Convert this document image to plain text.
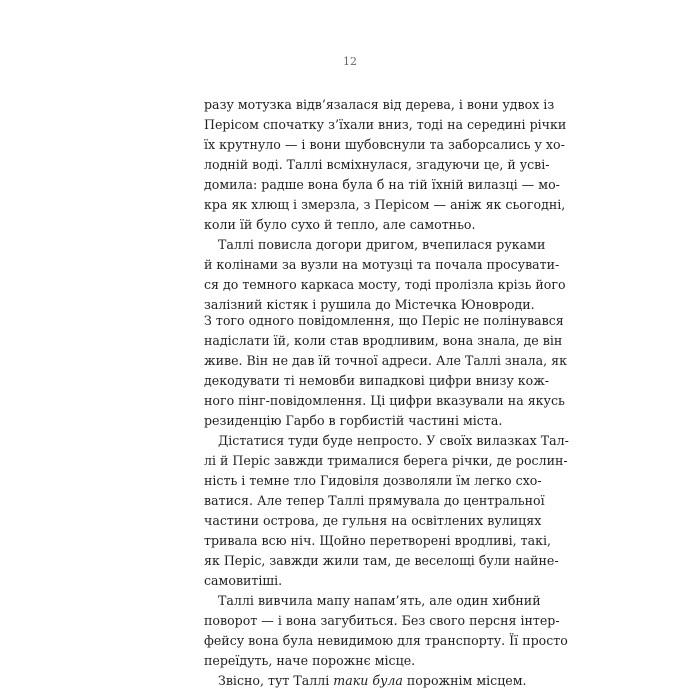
12
разу мотузка відв’язалася від дерева, і вони удвох із
Перісом спочатку з’їхали вниз, тоді на середині річки
їх крутнуло — і вони шубовснули та заборсались у хо-
лодній воді. Таллі всміхнулася, згадуючи це, й усві-
домила: радше вона була б на тій їхній вилазці — мо-
кра як хлющ і змерзла, з Перісом — аніж як сьогодні,
коли їй було сухо й тепло, але самотньо.
Таллі повисла догори дригом, вчепилася руками
й колінами за вузли на мотузці та почала просувати-
ся до темного каркаса мосту, тоді пролізла крізь його
залізний кістяк і рушила до Містечка Юновроди.
З того одного повідомлення, що Періс не полінувався
надіслати їй, коли став вродливим, вона знала, де він
живе. Він не дав їй точної адреси. Але Таллі знала, як
декодувати ті немовби випадкові цифри внизу кож-
ного пінг-повідомлення. Ці цифри вказували на якусь
резиденцію Гарбо в горбистій частині міста.
Дістатися туди буде непросто. У своїх вилазках Тал-
лі й Періс завжди трималися берега річки, де рослин-
ність і темне тло Гидовіля дозволяли їм легко схо-
ватися. Але тепер Таллі прямувала до центральної
частини острова, де гульня на освітлених вулицях
тривала всю ніч. Щойно перетворені вродливі, такі,
як Періс, завжди жили там, де веселощі були найне-
самовитіші.
Таллі вивчила мапу напам’ять, але один хибний
поворот — і вона загубиться. Без свого персня інтер-
фейсу вона була невидимою для транспорту. Її просто
переїдуть, наче порожнє місце.
Звісно, тут Таллі таки була порожнім місцем.
